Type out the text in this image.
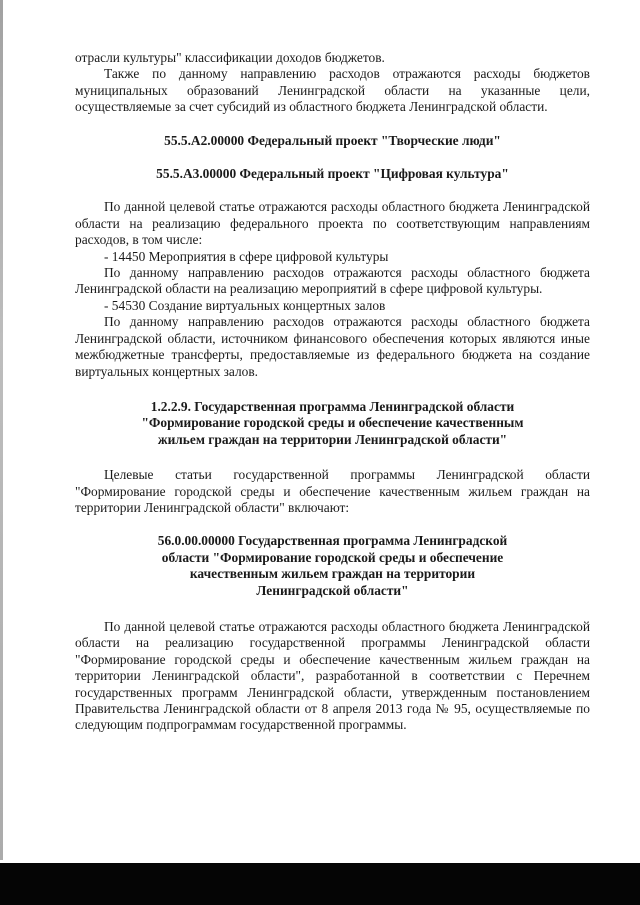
отрасли культуры" классификации доходов бюджетов.

Также по данному направлению расходов отражаются расходы бюджетов муниципальных образований Ленинградской области на указанные цели, осуществляемые за счет субсидий из областного бюджета Ленинградской области.

55.5.A2.00000 Федеральный проект "Творческие люди"

55.5.A3.00000 Федеральный проект "Цифровая культура"

По данной целевой статье отражаются расходы областного бюджета Ленинградской области на реализацию федерального проекта по соответствующим направлениям расходов, в том числе:

- 14450 Мероприятия в сфере цифровой культуры

По данному направлению расходов отражаются расходы областного бюджета Ленинградской области на реализацию мероприятий в сфере цифровой культуры.

- 54530 Создание виртуальных концертных залов

По данному направлению расходов отражаются расходы областного бюджета Ленинградской области, источником финансового обеспечения которых являются иные межбюджетные трансферты, предоставляемые из федерального бюджета на создание виртуальных концертных залов.

1.2.2.9. Государственная программа Ленинградской области

"Формирование городской среды и обеспечение качественным

жильем граждан на территории Ленинградской области"

Целевые статьи государственной программы Ленинградской области "Формирование городской среды и обеспечение качественным жильем граждан на территории Ленинградской области" включают:

56.0.00.00000 Государственная программа Ленинградской

области "Формирование городской среды и обеспечение

качественным жильем граждан на территории

Ленинградской области"

По данной целевой статье отражаются расходы областного бюджета Ленинградской области на реализацию государственной программы Ленинградской области "Формирование городской среды и обеспечение качественным жильем граждан на территории Ленинградской области", разработанной в соответствии с Перечнем государственных программ Ленинградской области, утвержденным постановлением Правительства Ленинградской области от 8 апреля 2013 года № 95, осуществляемые по следующим подпрограммам государственной программы.
